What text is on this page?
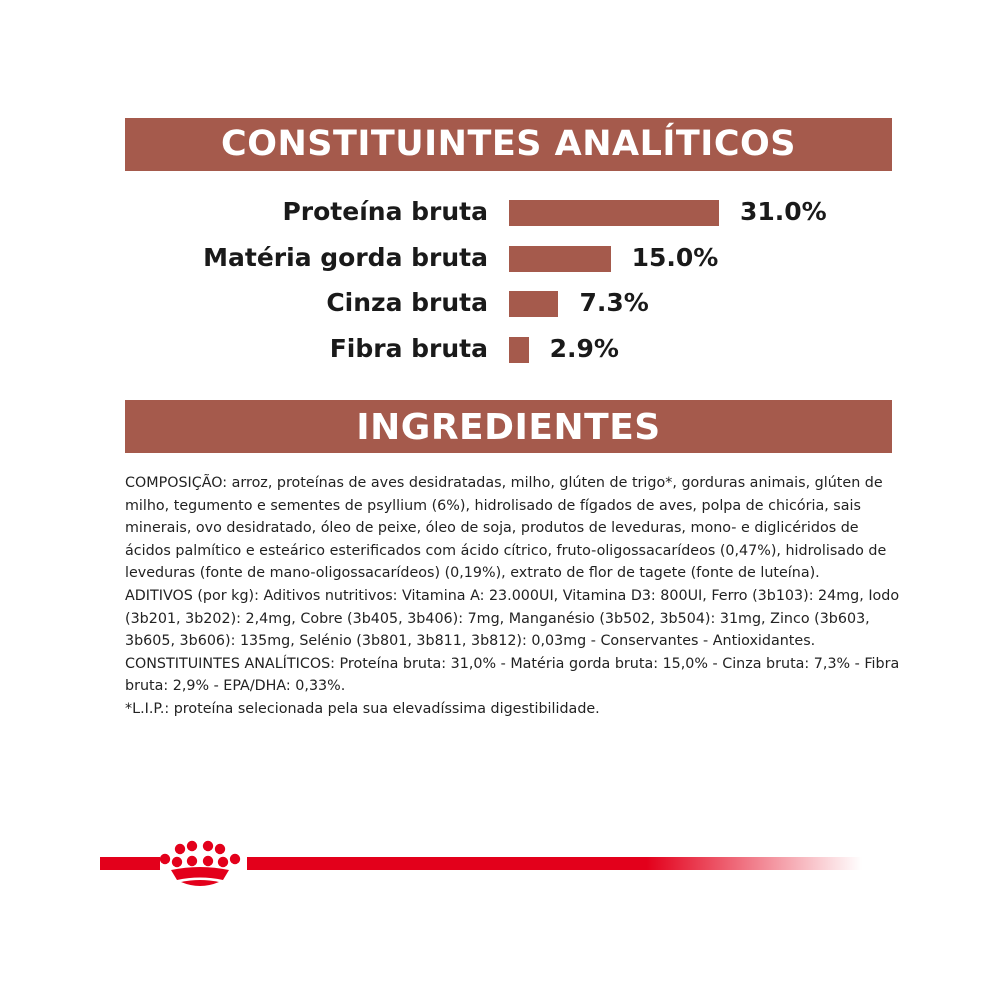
CONSTITUINTES ANALÍTICOS
Proteína bruta	31.0%
Matéria gorda bruta	15.0%
Cinza bruta	7.3%
Fibra bruta 2.9%
INGREDIENTES

COMPOSIÇÃO: arroz, proteínas de aves desidratadas, milho, glúten de trigo*, gorduras animais, glúten de milho, tegumento e sementes de psyllium (6%), hidrolisado de fígados de aves, polpa de chicória, sais minerais, ovo desidratado, óleo de peixe, óleo de soja, produtos de leveduras, mono- e diglicéridos de ácidos palmítico e esteárico esterificados com ácido cítrico, fruto-oligossacarídeos (0,47%), hidrolisado de leveduras (fonte de mano-oligossacarídeos) (0,19%), extrato de flor de tagete (fonte de luteína).

ADITIVOS (por kg): Aditivos nutritivos: Vitamina A: 23.000UI, Vitamina D3: 800UI, Ferro (3b103): 24mg, Iodo (3b201, 3b202): 2,4mg, Cobre (3b405, 3b406): 7mg, Manganésio (3b502, 3b504): 31mg, Zinco (3b603, 3b605, 3b606): 135mg, Selénio (3b801, 3b811, 3b812): 0,03mg - Conservantes - Antioxidantes.

CONSTITUINTES ANALÍTICOS: Proteína bruta: 31,0% - Matéria gorda bruta: 15,0% - Cinza bruta: 7,3% - Fibra bruta: 2,9% - EPA/DHA: 0,33%.

*L.I.P.: proteína selecionada pela sua elevadíssima digestibilidade.
